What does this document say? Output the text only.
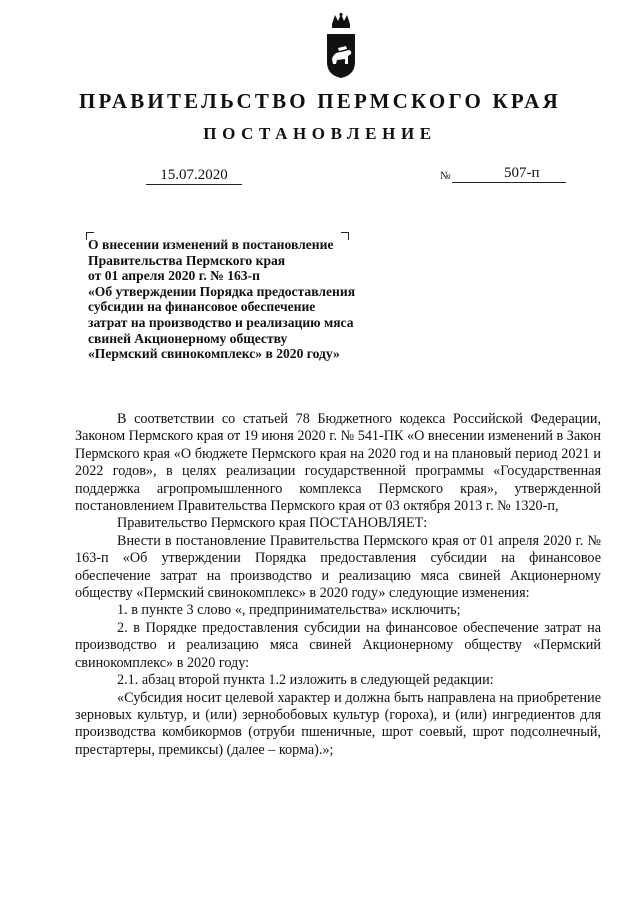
ПРАВИТЕЛЬСТВО ПЕРМСКОГО КРАЯ
ПОСТАНОВЛЕНИЕ
15.07.2020	№	507-п
О внесении изменений в постановление
Правительства Пермского края
от 01 апреля 2020 г. № 163-п
«Об утверждении Порядка предоставления
субсидии на финансовое обеспечение
затрат на производство и реализацию мяса
свиней Акционерному обществу
«Пермский свинокомплекс» в 2020 году»

В соответствии со статьей 78 Бюджетного кодекса Российской Федерации, Законом Пермского края от 19 июня 2020 г. № 541-ПК «О внесении изменений в Закон Пермского края «О бюджете Пермского края на 2020 год и на плановый период 2021 и 2022 годов», в целях реализации государственной программы «Государственная поддержка агропромышленного комплекса Пермского края», утвержденной постановлением Правительства Пермского края от 03 октября 2013 г. № 1320-п,

Правительство Пермского края ПОСТАНОВЛЯЕТ:

Внести в постановление Правительства Пермского края от 01 апреля 2020 г. № 163-п «Об утверждении Порядка предоставления субсидии на финансовое обеспечение затрат на производство и реализацию мяса свиней Акционерному обществу «Пермский свинокомплекс» в 2020 году» следующие изменения:

1. в пункте 3 слово «, предпринимательства» исключить;

2. в Порядке предоставления субсидии на финансовое обеспечение затрат на производство и реализацию мяса свиней Акционерному обществу «Пермский свинокомплекс» в 2020 году:

2.1. абзац второй пункта 1.2 изложить в следующей редакции:

«Субсидия носит целевой характер и должна быть направлена на приобретение зерновых культур, и (или) зернобобовых культур (гороха), и (или) ингредиентов для производства комбикормов (отруби пшеничные, шрот соевый, шрот подсолнечный, престартеры, премиксы) (далее – корма).»;
